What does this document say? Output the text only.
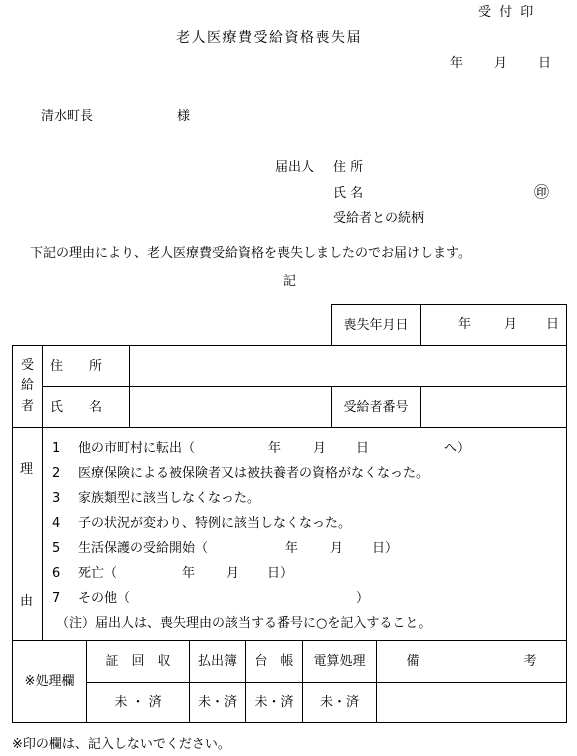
受 付 印
老人医療費受給資格喪失届
年 月 日
清水町長	様
届出人 住 所
氏 名	㊞
受給者との続柄
下記の理由により、老人医療費受給資格を喪失しましたのでお届けします。
記
喪失年月日	年	月 日
受
給
者
住　　所
氏　　名	受給者番号
理
由
1 他の市町村に転出（	年 月 日	へ）
2 医療保険による被保険者又は被扶養者の資格がなくなった。
3 家族類型に該当しなくなった。
4 子の状況が変わり、特例に該当しなくなった。
5 生活保護の受給開始（	年 月 日）
6 死亡（	年 月 日）
7 その他（	）
（注）届出人は、喪失理由の該当する番号に○を記入すること。
※処理欄
証　回　収	払出簿	台　帳	電算処理	備　　　　　　　　考
未 ・ 済	未・済	未・済	未・済
※印の欄は、記入しないでください。
